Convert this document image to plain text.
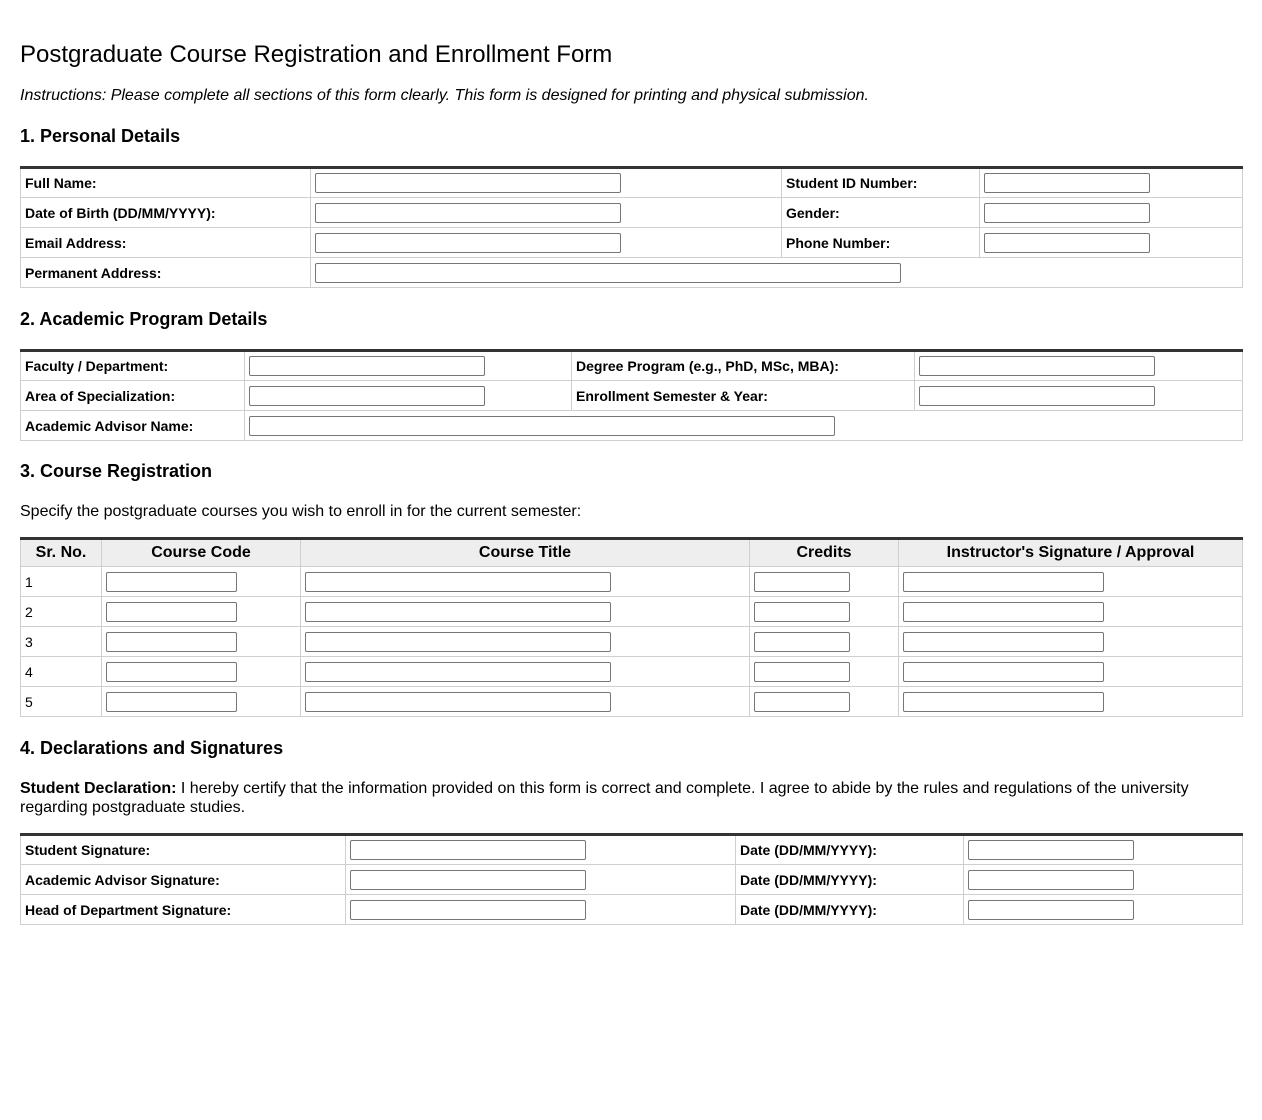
Postgraduate Course Registration and Enrollment Form

Instructions: Please complete all sections of this form clearly. This form is designed for printing and physical submission.

1. Personal Details
Full Name:		Student ID Number:	

Date of Birth (DD/MM/YYYY):		Gender:	

Email Address:		Phone Number:	

Permanent Address:			
2. Academic Program Details
Faculty / Department:		Degree Program (e.g., PhD, MSc, MBA):	

Area of Specialization:		Enrollment Semester & Year:	

Academic Advisor Name:			
3. Course Registration

Specify the postgraduate courses you wish to enroll in for the current semester:

Sr. No.	Course Code	Course Title	Credits	Instructor's Signature / Approval
1	

2	

3	

4	

5	

4. Declarations and Signatures

Student Declaration: I hereby certify that the information provided on this form is correct and complete. I agree to abide by the rules and regulations of the university regarding postgraduate studies.

Student Signature:		Date (DD/MM/YYYY):	

Academic Advisor Signature:		Date (DD/MM/YYYY):	

Head of Department Signature:		Date (DD/MM/YYYY):	
